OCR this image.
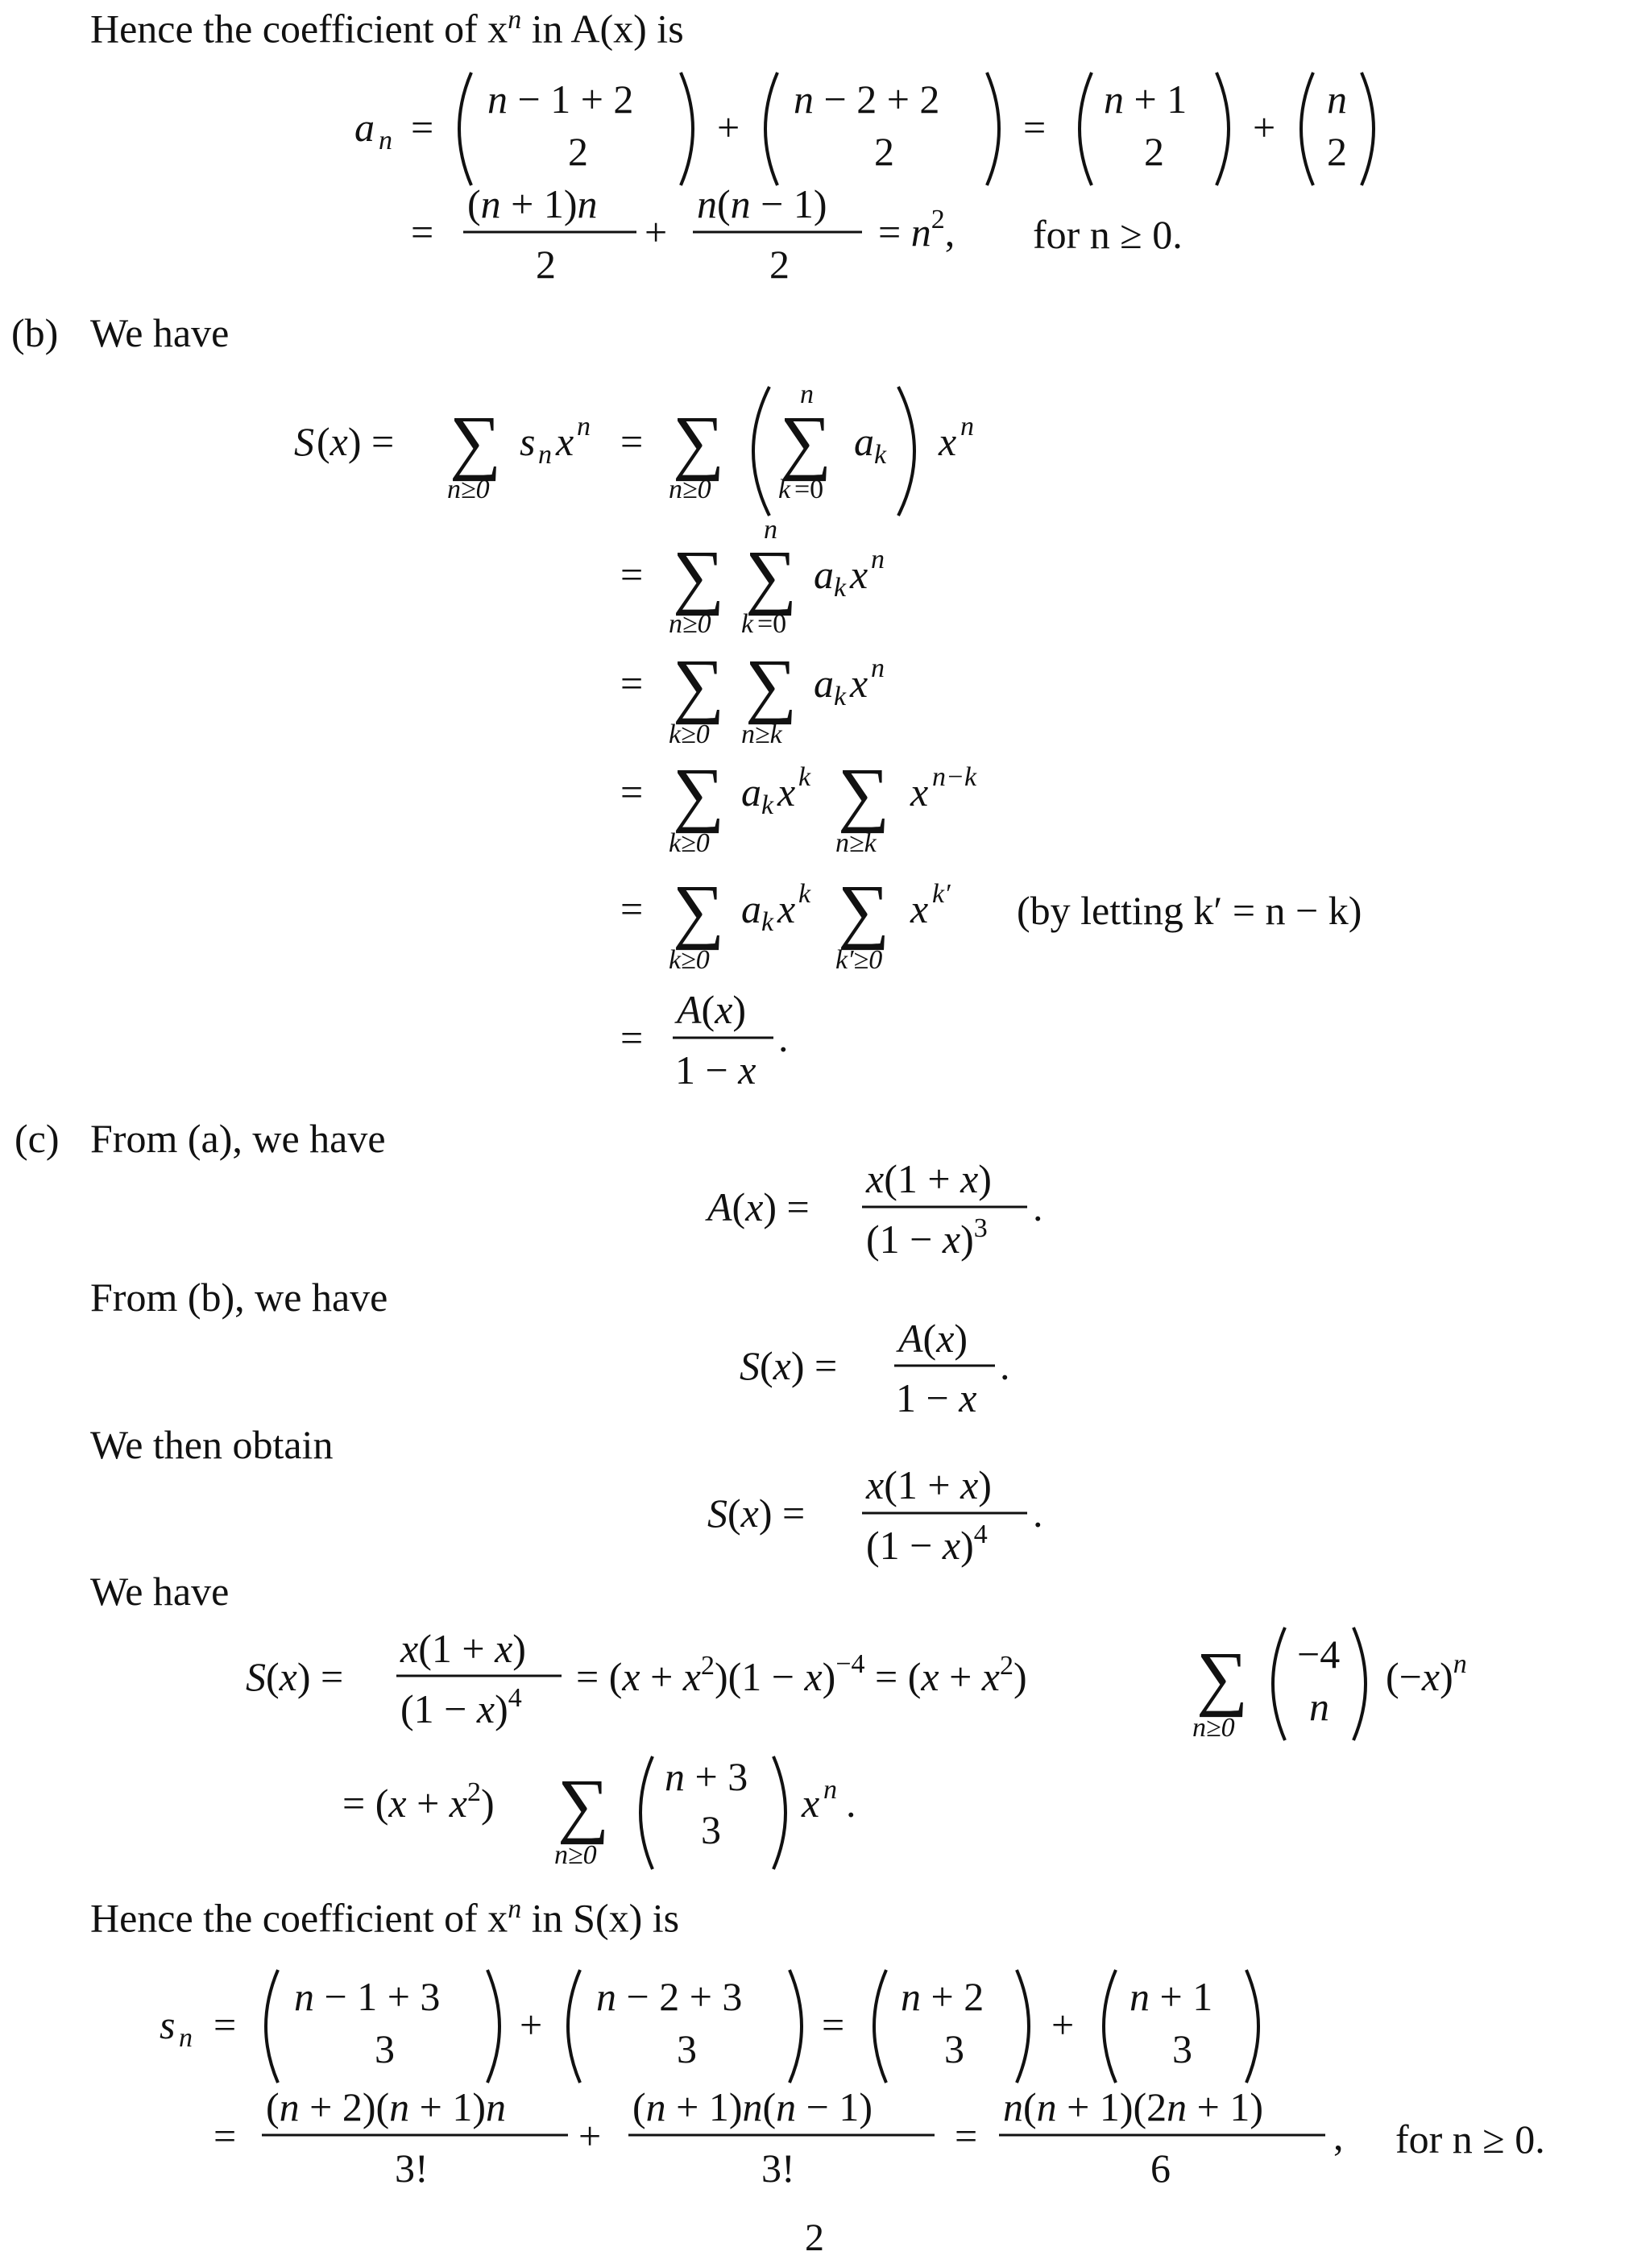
Hence the coefficient of $x^n$ in A(x) is
a n =
n − 1 + 2
2
+
n − 2 + 2
2
=
n + 1
2
+
n
2
=
(n + 1)n
2
+
n(n − 1)
2
= $n^2$, for n ≥ 0.
(b) We have
S (x) = ∑
n≥0
s n x n = ∑
n≥0
∑
n
k =0
a k x n
= ∑
n≥0
∑
n
k =0
a k x n
= ∑
k≥0
∑
n≥k
a k x n
= ∑
k≥0
a k x k ∑
n≥k
x n−k
= ∑
k≥0
a k x k ∑
k′≥0
x k′
=
A(x)
1 − x
.
(by letting k′ = n − k)
(c) From (a), we have
From (b), we have
We then obtain
We have
A(x) =
x(1 + x)
$(1 - x)^3$ .
S(x) =
A(x)
1 − x
.
S(x) =
x(1 + x)
$(1 - x)^4$ .
S(x) =
x(1 + x)
$(1 - x)^4 = (x + x^2)(1 - x)^{-4} = (x + x^2)$ ∑
n≥0
−4
n
$(-x)^n$
= $(x + x^2)$ ∑
n≥0
n + 3
3
x n .
Hence the coefficient of $x^n$ in S(x) is
s n =
n − 1 + 3
3
+
n − 2 + 3
3
=
n + 2
3
+
n + 1
3
=
(n + 2)(n + 1)n
3!
+
(n + 1)n(n − 1)
3!
=
n(n + 1)(2n + 1)
6
, for n ≥ 0.
2
